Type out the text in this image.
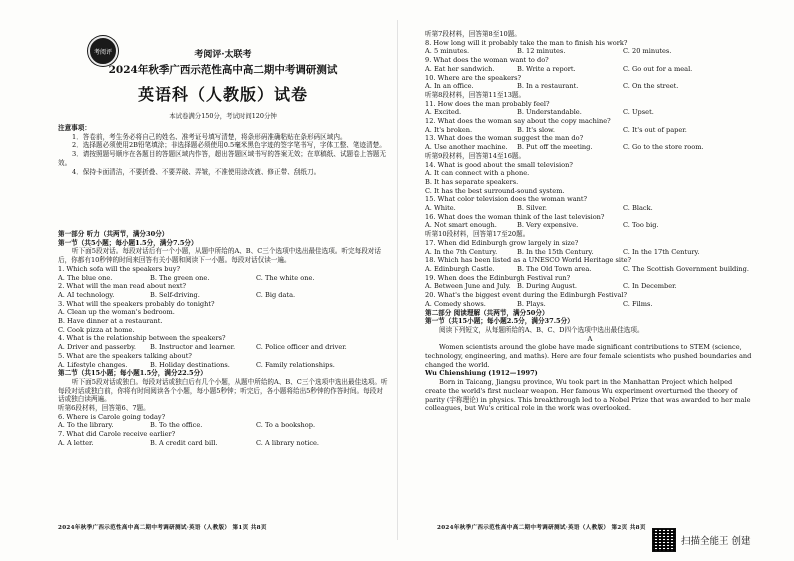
考阅评	考阅评·太联考
2024年秋季广西示范性高中高二期中考调研测试
英语科（人教版）试卷
本试卷满分150分，考试时间120分钟

注意事项：

1．答卷前，考生务必将自己的姓名、准考证号填写清楚，将条形码准确粘贴在条形码区域内。

2．选择题必须使用2B铅笔填涂；非选择题必须使用0.5毫米黑色字迹的签字笔书写，字体工整、笔迹清楚。

3．请按照题号顺序在各题目的答题区域内作答，超出答题区域书写的答案无效；在草稿纸、试题卷上答题无效。

4．保持卡面清洁，不要折叠、不要弄破、弄皱，不准使用涂改液、修正带、刮纸刀。

第一部分 听力（共两节，满分30分）

第一节（共5小题；每小题1.5分，满分7.5分）

听下面5段对话。每段对话后有一个小题，从题中所给的A、B、C三个选项中选出最佳选项。听完每段对话后，你都有10秒钟的时间来回答有关小题和阅读下一小题。每段对话仅读一遍。

1. Which sofa will the speakers buy?

A. The blue one.	B. The green one.	C. The white one.

2. What will the man read about next?

A. AI technology.	B. Self-driving.	C. Big data.

3. What will the speakers probably do tonight?

A. Clean up the woman's bedroom.

B. Have dinner at a restaurant.

C. Cook pizza at home.

4. What is the relationship between the speakers?

A. Driver and passerby.	B. Instructor and learner.	C. Police officer and driver.

5. What are the speakers talking about?

A. Lifestyle changes.	B. Holiday destinations.	C. Family relationships.

第二节（共15小题；每小题1.5分，满分22.5分）

听下面5段对话或独白。每段对话或独白后有几个小题，从题中所给的A、B、C三个选项中选出最佳选项。听每段对话或独白前，你将有时间阅读各个小题，每小题5秒钟；听完后，各小题将给出5秒钟的作答时间。每段对话或独白读两遍。

听第6段材料，回答第6、7题。

6. Where is Carole going today?

A. To the library.	B. To the office.	C. To a bookshop.

7. What did Carole receive earlier?

A. A letter.	B. A credit card bill.	C. A library notice.
2024年秋季广西示范性高中高二期中考调研测试·英语（人教版） 第1页 共8页

听第7段材料，回答第8至10题。

8. How long will it probably take the man to finish his work?

A. 5 minutes.	B. 12 minutes.	C. 20 minutes.

9. What does the woman want to do?

A. Eat her sandwich.	B. Write a report.	C. Go out for a meal.

10. Where are the speakers?

A. In an office.	B. In a restaurant.	C. On the street.

听第8段材料，回答第11至13题。

11. How does the man probably feel?

A. Excited.	B. Understandable.	C. Upset.

12. What does the woman say about the copy machine?

A. It's broken.	B. It's slow.	C. It's out of paper.

13. What does the woman suggest the man do?

A. Use another machine.	B. Put off the meeting.	C. Go to the store room.

听第9段材料，回答第14至16题。

14. What is good about the small television?

A. It can connect with a phone.

B. It has separate speakers.

C. It has the best surround-sound system.

15. What color television does the woman want?

A. White.	B. Silver.	C. Black.

16. What does the woman think of the last television?

A. Not smart enough.	B. Very expensive.	C. Too big.

听第10段材料，回答第17至20题。

17. When did Edinburgh grow largely in size?

A. In the 7th Century.	B. In the 15th Century.	C. In the 17th Century.

18. Which has been listed as a UNESCO World Heritage site?

A. Edinburgh Castle.	B. The Old Town area.	C. The Scottish Government building.

19. When does the Edinburgh Festival run?

A. Between June and July. B. During August.	C. In December.

20. What's the biggest event during the Edinburgh Festival?

A. Comedy shows.	B. Plays.	C. Films.

第二部分 阅读理解（共两节，满分50分）

第一节（共15小题；每小题2.5分，满分37.5分）

阅读下列短文，从每题所给的A、B、C、D四个选项中选出最佳选项。

A

Women scientists around the globe have made significant contributions to STEM (science, technology, engineering, and maths). Here are four female scientists who pushed boundaries and changed the world.

Wu Chienshiung (1912—1997)

Born in Taicang, Jiangsu province, Wu took part in the Manhattan Project which helped create the world's first nuclear weapon. Her famous Wu experiment overturned the theory of parity (宇称理论) in physics. This breakthrough led to a Nobel Prize that was awarded to her male colleagues, but Wu's critical role in the work was overlooked.

2024年秋季广西示范性高中高二期中考调研测试·英语（人教版） 第2页 共8页
扫描全能王 创建
